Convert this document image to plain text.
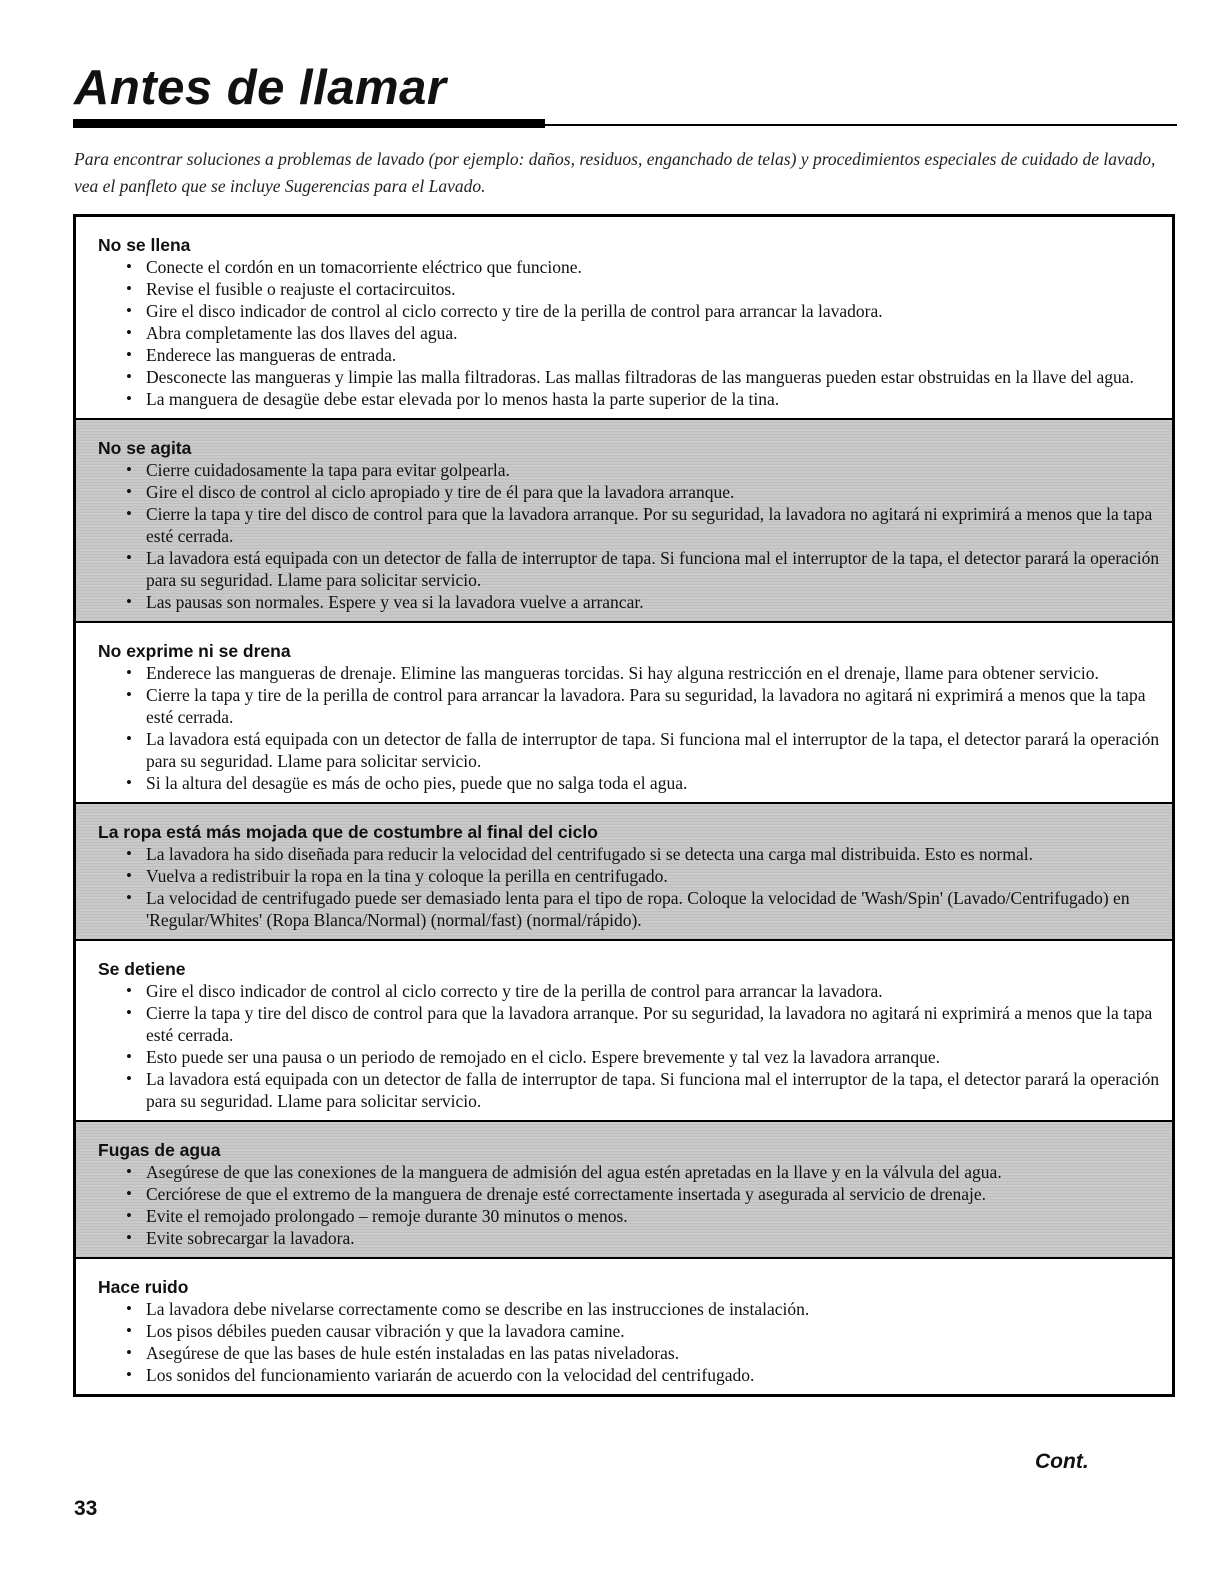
Antes de llamar

Para encontrar soluciones a problemas de lavado (por ejemplo: daños, residuos, enganchado de telas) y procedimientos especiales de cuidado de lavado, vea el panfleto que se incluye Sugerencias para el Lavado.

No se llena
• Conecte el cordón en un tomacorriente eléctrico que funcione.
• Revise el fusible o reajuste el cortacircuitos.
• Gire el disco indicador de control al ciclo correcto y tire de la perilla de control para arrancar la lavadora.
• Abra completamente las dos llaves del agua.
• Enderece las mangueras de entrada.
• Desconecte las mangueras y limpie las malla filtradoras. Las mallas filtradoras de las mangueras pueden estar obstruidas en la llave del agua.
• La manguera de desagüe debe estar elevada por lo menos hasta la parte superior de la tina.
No se agita
• Cierre cuidadosamente la tapa para evitar golpearla.
• Gire el disco de control al ciclo apropiado y tire de él para que la lavadora arranque.
• Cierre la tapa y tire del disco de control para que la lavadora arranque. Por su seguridad, la lavadora no agitará ni exprimirá a menos que la tapa esté cerrada.
• La lavadora está equipada con un detector de falla de interruptor de tapa. Si funciona mal el interruptor de la tapa, el detector parará la operación para su seguridad. Llame para solicitar servicio.
• Las pausas son normales. Espere y vea si la lavadora vuelve a arrancar.
No exprime ni se drena
• Enderece las mangueras de drenaje. Elimine las mangueras torcidas. Si hay alguna restricción en el drenaje, llame para obtener servicio.
• Cierre la tapa y tire de la perilla de control para arrancar la lavadora. Para su seguridad, la lavadora no agitará ni exprimirá a menos que la tapa esté cerrada.
• La lavadora está equipada con un detector de falla de interruptor de tapa. Si funciona mal el interruptor de la tapa, el detector parará la operación para su seguridad. Llame para solicitar servicio.
• Si la altura del desagüe es más de ocho pies, puede que no salga toda el agua.
La ropa está más mojada que de costumbre al final del ciclo
• La lavadora ha sido diseñada para reducir la velocidad del centrifugado si se detecta una carga mal distribuida. Esto es normal.
• Vuelva a redistribuir la ropa en la tina y coloque la perilla en centrifugado.
• La velocidad de centrifugado puede ser demasiado lenta para el tipo de ropa. Coloque la velocidad de 'Wash/Spin' (Lavado/Centrifugado) en 'Regular/Whites' (Ropa Blanca/Normal) (normal/fast) (normal/rápido).
Se detiene
• Gire el disco indicador de control al ciclo correcto y tire de la perilla de control para arrancar la lavadora.
• Cierre la tapa y tire del disco de control para que la lavadora arranque. Por su seguridad, la lavadora no agitará ni exprimirá a menos que la tapa esté cerrada.
• Esto puede ser una pausa o un periodo de remojado en el ciclo. Espere brevemente y tal vez la lavadora arranque.
• La lavadora está equipada con un detector de falla de interruptor de tapa. Si funciona mal el interruptor de la tapa, el detector parará la operación para su seguridad. Llame para solicitar servicio.
Fugas de agua
• Asegúrese de que las conexiones de la manguera de admisión del agua estén apretadas en la llave y en la válvula del agua.
• Cerciórese de que el extremo de la manguera de drenaje esté correctamente insertada y asegurada al servicio de drenaje.
• Evite el remojado prolongado – remoje durante 30 minutos o menos.
• Evite sobrecargar la lavadora.
Hace ruido
• La lavadora debe nivelarse correctamente como se describe en las instrucciones de instalación.
• Los pisos débiles pueden causar vibración y que la lavadora camine.
• Asegúrese de que las bases de hule estén instaladas en las patas niveladoras.
• Los sonidos del funcionamiento variarán de acuerdo con la velocidad del centrifugado.
Cont.
33
